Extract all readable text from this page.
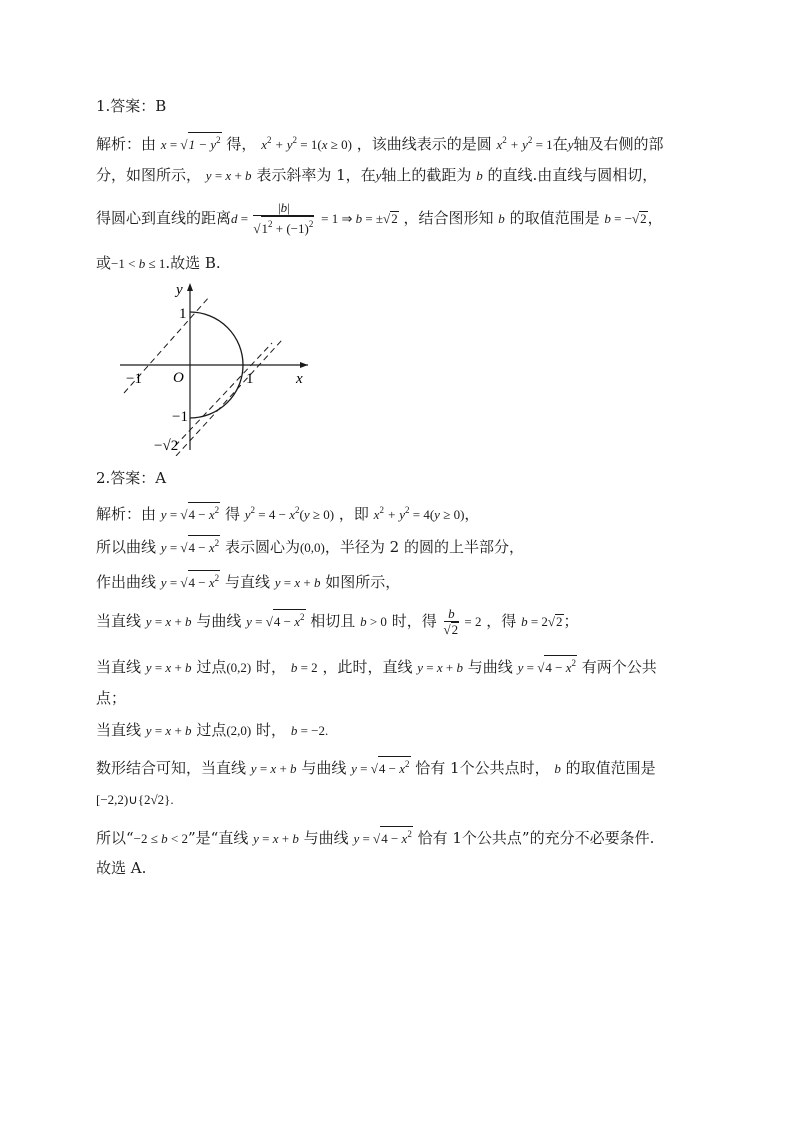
1.答案：B
解析：由 $x = √1 - y^2$ 得， $x^2 + y^2 = 1(x \ge 0)$ ，该曲线表示的是圆 $x^2 + y^2 = 1$在y轴及右侧的部
分，如图所示， y = x + b 表示斜率为 1，在y轴上的截距为 b 的直线.由直线与圆相切，
得圆心到直线的距离$d = \frac{|b|}{√1^2 + (-1)^2} = 1$ ⇒ b = ±√2 ，结合图形知 b 的取值范围是 b = −√2，
或−1 < b ≤ 1.故选 B.
y
x
O
1
1
−1
−1
−√2
2.答案：A
解析：由 $y = √4 - x^2$ 得 $y^2 = 4 - x^2(y \ge 0)$ ，即 $x^2 + y^2 = 4(y \ge 0)$，
所以曲线 $y = √4 - x^2$ 表示圆心为(0,0)，半径为 2 的圆的上半部分，
作出曲线 $y = √4 - x^2$ 与直线 y = x + b 如图所示，
当直线 y = x + b 与曲线 $y = √4 - x^2$ 相切且 b > 0 时，得 $\frac{b}{√2} = 2$ ，得 b = 2√2；
当直线 y = x + b 过点(0,2) 时， b = 2 ，此时，直线 y = x + b 与曲线 $y = √4 - x^2$ 有两个公共
点；
当直线 y = x + b 过点(2,0) 时， b = −2.
数形结合可知，当直线 y = x + b 与曲线 $y = √4 - x^2$ 恰有 1个公共点时， b 的取值范围是
[−2,2)∪{2√2}.
所以“−2 ≤ b < 2”是“直线 y = x + b 与曲线 $y = √4 - x^2$ 恰有 1个公共点”的充分不必要条件.
故选 A.
